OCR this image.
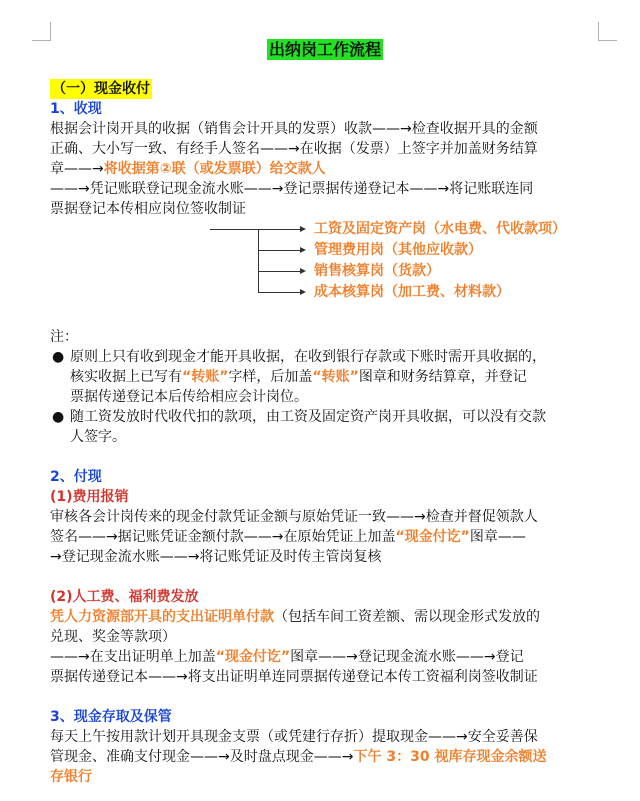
出纳岗工作流程
（一）现金收付
1、收现
根据会计岗开具的收据（销售会计开具的发票）收款——→检查收据开具的金额
正确、大小写一致、有经手人签名——→在收据（发票）上签字并加盖财务结算
章——→将收据第②联（或发票联）给交款人
——→凭记账联登记现金流水账——→登记票据传递登记本——→将记账联连同
票据登记本传相应岗位签收制证
工资及固定资产岗（水电费、代收款项）
管理费用岗（其他应收款）
销售核算岗（货款）
成本核算岗（加工费、材料款）
注：
● 原则上只有收到现金才能开具收据，在收到银行存款或下账时需开具收据的，
核实收据上已写有“转账”字样，后加盖“转账”图章和财务结算章，并登记
票据传递登记本后传给相应会计岗位。
● 随工资发放时代收代扣的款项，由工资及固定资产岗开具收据，可以没有交款
人签字。
2、付现
(1)费用报销
审核各会计岗传来的现金付款凭证金额与原始凭证一致——→检查并督促领款人
签名——→据记账凭证金额付款——→在原始凭证上加盖“现金付讫”图章——
→登记现金流水账——→将记账凭证及时传主管岗复核
(2)人工费、福利费发放
凭人力资源部开具的支出证明单付款（包括车间工资差额、需以现金形式发放的
兑现、奖金等款项）
——→在支出证明单上加盖“现金付讫”图章——→登记现金流水账——→登记
票据传递登记本——→将支出证明单连同票据传递登记本传工资福利岗签收制证
3、现金存取及保管
每天上午按用款计划开具现金支票（或凭建行存折）提取现金——→安全妥善保
管现金、准确支付现金——→及时盘点现金——→下午 3：30 视库存现金余额送
存银行
